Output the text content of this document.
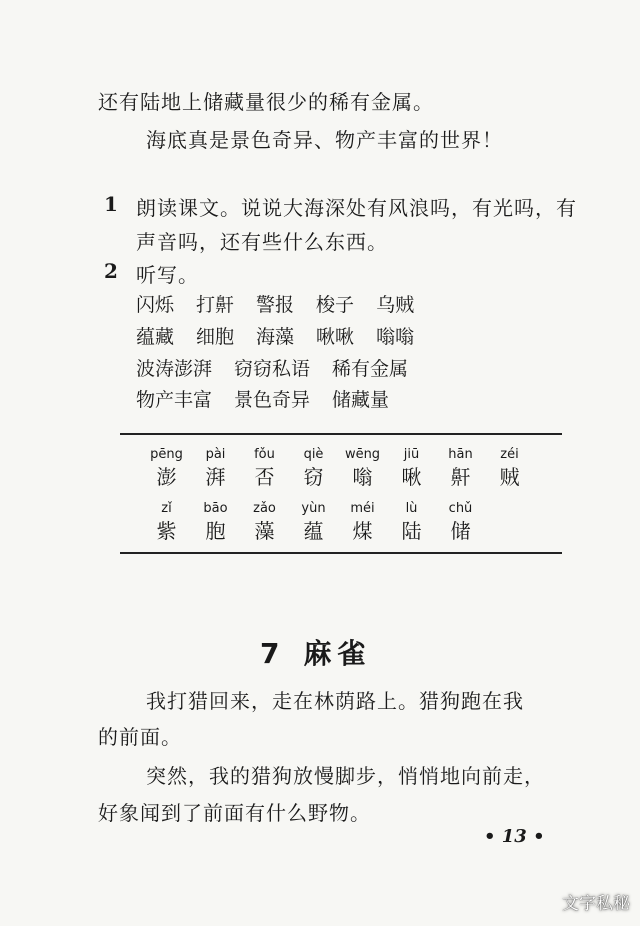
还有陆地上储藏量很少的稀有金属。
海底真是景色奇异、物产丰富的世界！
1 朗读课文。说说大海深处有风浪吗，有光吗，有
声音吗，还有些什么东西。
2 听写。
闪烁 打鼾 警报 梭子 乌贼
蕴藏 细胞 海藻 啾啾 嗡嗡
波涛澎湃 窃窃私语 稀有金属
物产丰富 景色奇异 储藏量
pēng
澎
pài
湃
fǒu
否
qiè
窃
wēng
嗡
jiū
啾
hān
鼾
zéi
贼
zǐ
紫
bāo
胞
zǎo
藻
yùn
蕴
méi
煤
lù
陆
chǔ
储
7 麻雀
我打猎回来，走在林荫路上。猎狗跑在我
的前面。
突然，我的猎狗放慢脚步，悄悄地向前走，
好象闻到了前面有什么野物。
• 13 •
文字私秘
